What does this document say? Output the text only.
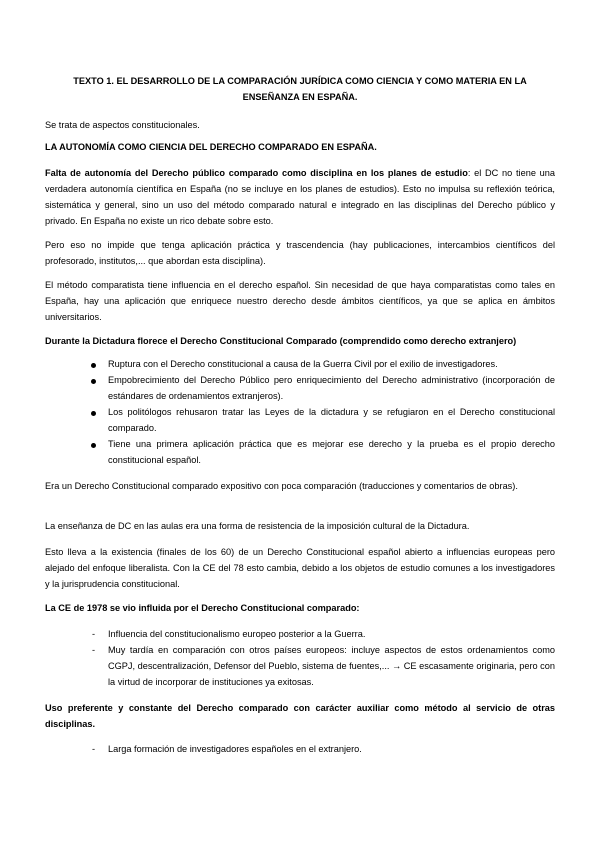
TEXTO 1. EL DESARROLLO DE LA COMPARACIÓN JURÍDICA COMO CIENCIA Y COMO MATERIA EN LA ENSEÑANZA EN ESPAÑA.

Se trata de aspectos constitucionales.

LA AUTONOMÍA COMO CIENCIA DEL DERECHO COMPARADO EN ESPAÑA.

Falta de autonomía del Derecho público comparado como disciplina en los planes de estudio: el DC no tiene una verdadera autonomía científica en España (no se incluye en los planes de estudios). Esto no impulsa su reflexión teórica, sistemática y general, sino un uso del método comparado natural e integrado en las disciplinas del Derecho público y privado. En España no existe un rico debate sobre esto.

Pero eso no impide que tenga aplicación práctica y trascendencia (hay publicaciones, intercambios científicos del profesorado, institutos,... que abordan esta disciplina).

El método comparatista tiene influencia en el derecho español. Sin necesidad de que haya comparatistas como tales en España, hay una aplicación que enriquece nuestro derecho desde ámbitos científicos, ya que se aplica en ámbitos universitarios.

Durante la Dictadura florece el Derecho Constitucional Comparado (comprendido como derecho extranjero)

Ruptura con el Derecho constitucional a causa de la Guerra Civil por el exilio de investigadores.

Empobrecimiento del Derecho Público pero enriquecimiento del Derecho administrativo (incorporación de estándares de ordenamientos extranjeros).

Los politólogos rehusaron tratar las Leyes de la dictadura y se refugiaron en el Derecho constitucional comparado.

Tiene una primera aplicación práctica que es mejorar ese derecho y la prueba es el propio derecho constitucional español.

Era un Derecho Constitucional comparado expositivo con poca comparación (traducciones y comentarios de obras).

La enseñanza de DC en las aulas era una forma de resistencia de la imposición cultural de la Dictadura.

Esto lleva a la existencia (finales de los 60) de un Derecho Constitucional español abierto a influencias europeas pero alejado del enfoque liberalista. Con la CE del 78 esto cambia, debido a los objetos de estudio comunes a los investigadores y la jurisprudencia constitucional.

La CE de 1978 se vio influida por el Derecho Constitucional comparado:

- Influencia del constitucionalismo europeo posterior a la Guerra.

- Muy tardía en comparación con otros países europeos: incluye aspectos de estos ordenamientos como CGPJ, descentralización, Defensor del Pueblo, sistema de fuentes,... → CE escasamente originaria, pero con la virtud de incorporar de instituciones ya exitosas.

Uso preferente y constante del Derecho comparado con carácter auxiliar como método al servicio de otras disciplinas.

- Larga formación de investigadores españoles en el extranjero.
